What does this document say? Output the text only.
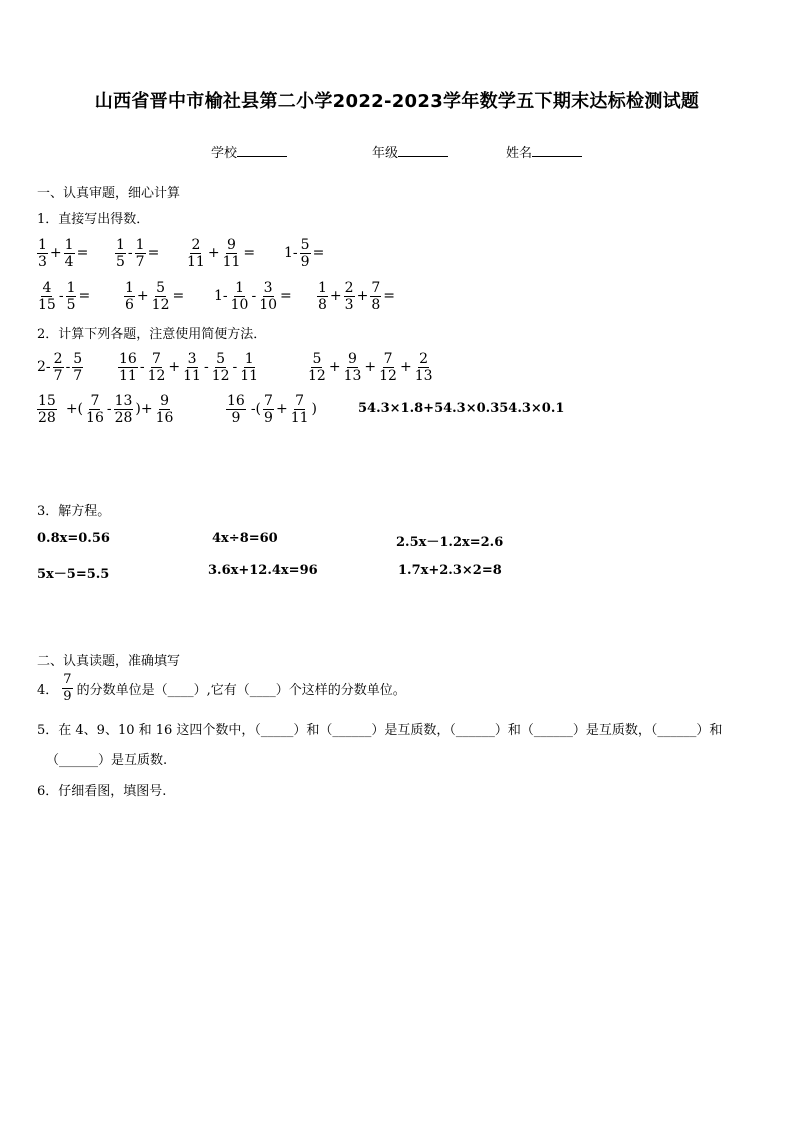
山西省晋中市榆社县第二小学2022-2023学年数学五下期末达标检测试题
学校	年级	姓名
一、认真审题，细心计算
1．直接写出得数．
$\frac{1}{3} + \frac{1}{4} = \frac{1}{5} - \frac{1}{7} = \frac{2}{11} + \frac{9}{11} = 1- \frac{5}{9}$ =
$\frac{4}{15} - \frac{1}{5} = \frac{1}{6} + \frac{5}{12} = 1- \frac{1}{10} - \frac{3}{10} = \frac{1}{8} + \frac{2}{3} + \frac{7}{8}$ =
2．计算下列各题，注意使用简便方法．
$2- \frac{2}{7} - \frac{5}{7} \frac{16}{11} - \frac{7}{12} + \frac{3}{11} - \frac{5}{12} - \frac{1}{11}$	$\frac{5}{12} + \frac{9}{13} + \frac{7}{12} + \frac{2}{13}$
$\frac{15}{28}$ +( $\frac{7}{16} - \frac{13}{28}$ )+ $\frac{9}{16}$	$\frac{16}{9}$ -( $\frac{7}{9} + \frac{7}{11}$ )	54.3×1.8+54.3×0.354.3×0.1
3．解方程。
0.8x=0.56	4x÷8=60	2.5x－1.2x=2.6
5x－5=5.5	3.6x+12.4x=96	1.7x+2.3×2=8
二、认真读题，准确填写
4． $\frac{7}{9}$ 的分数单位是（____）,它有（____）个这样的分数单位。
5．在 4、9、10 和 16 这四个数中，（_____）和（______）是互质数，（______）和（______）是互质数，（______）和
（______）是互质数.
6．仔细看图，填图号.
